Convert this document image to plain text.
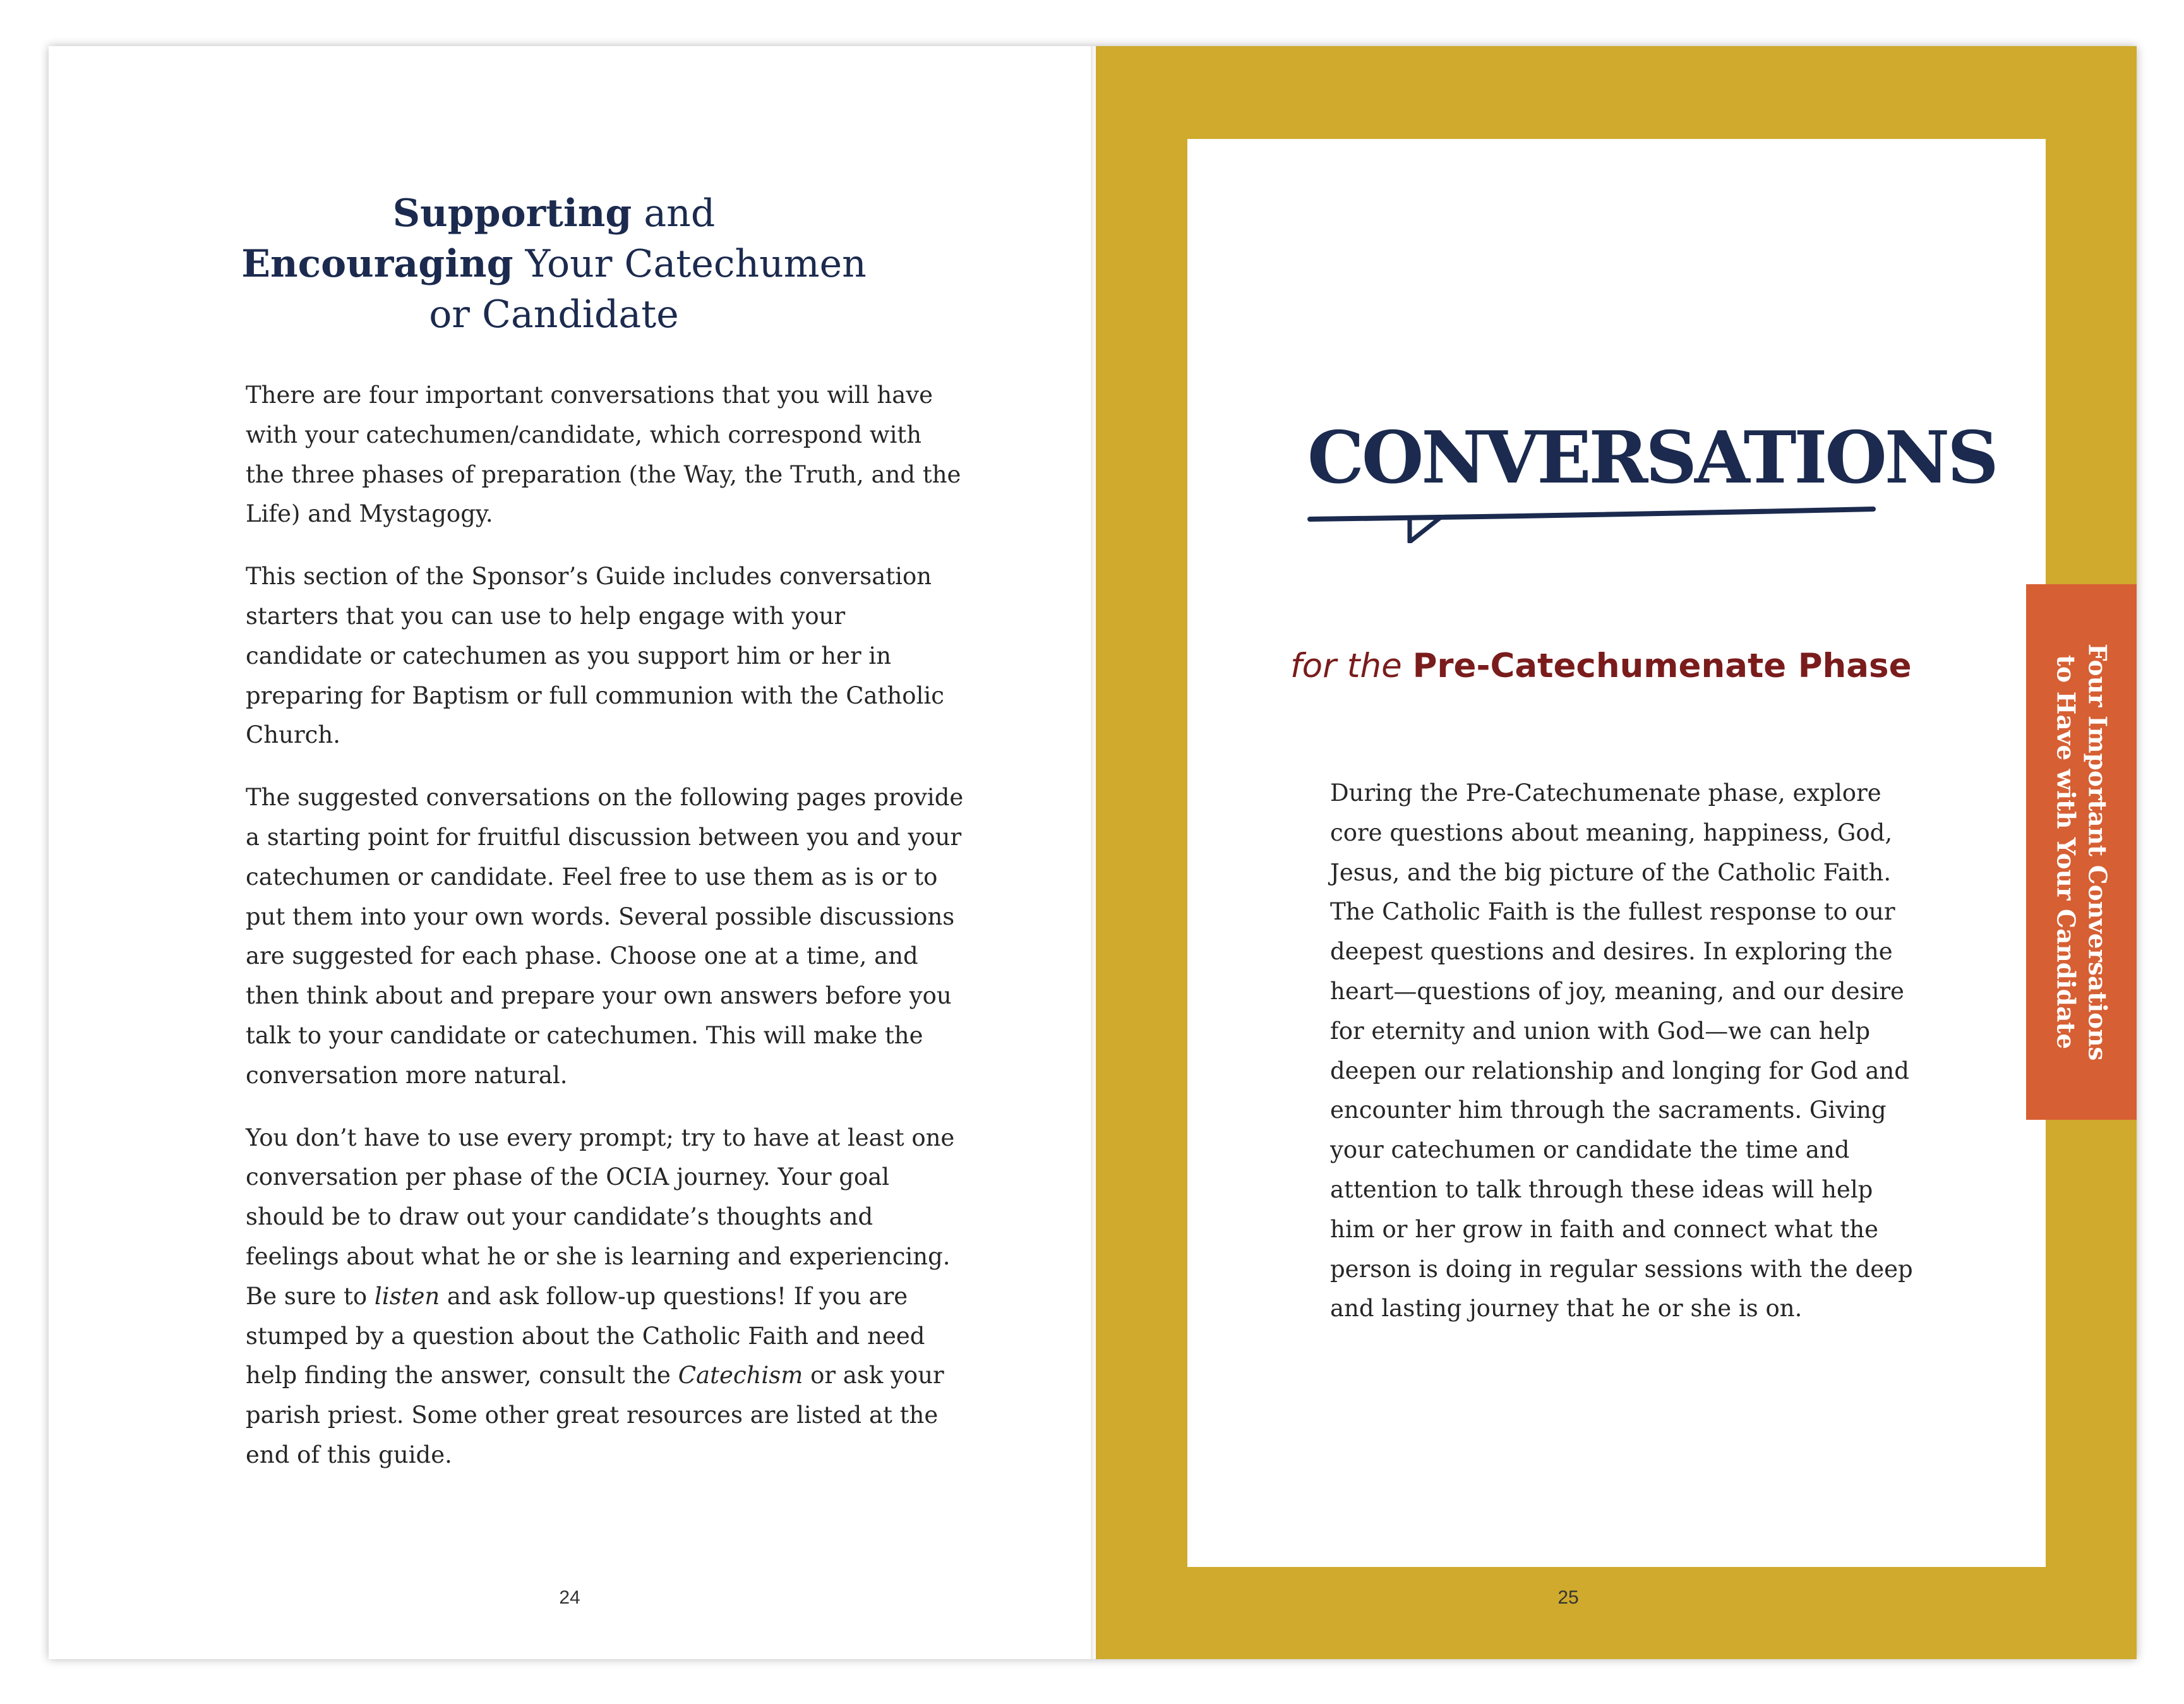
Supporting and
Encouraging Your Catechumen
or Candidate

There are four important conversations that you will have with your catechumen/candidate, which correspond with the three phases of preparation (the Way, the Truth, and the Life) and Mystagogy.

This section of the Sponsor’s Guide includes conversation starters that you can use to help engage with your candidate or catechumen as you support him or her in preparing for Baptism or full communion with the Catholic Church.

The suggested conversations on the following pages provide a starting point for fruitful discussion between you and your catechumen or candidate. Feel free to use them as is or to put them into your own words. Several possible discussions are suggested for each phase. Choose one at a time, and then think about and prepare your own answers before you talk to your candidate or catechumen. This will make the conversation more natural.

You don’t have to use every prompt; try to have at least one conversation per phase of the OCIA journey. Your goal should be to draw out your candidate’s thoughts and feelings about what he or she is learning and experiencing. Be sure to listen and ask follow-up questions! If you are stumped by a question about the Catholic Faith and need help finding the answer, consult the Catechism or ask your parish priest. Some other great resources are listed at the end of this guide.

24
CONVERSATIONS
for the Pre-Catechumenate Phase

During the Pre-Catechumenate phase, explore core questions about meaning, happiness, God, Jesus, and the big picture of the Catholic Faith. The Catholic Faith is the fullest response to our deepest questions and desires. In exploring the heart—questions of joy, meaning, and our desire for eternity and union with God—we can help deepen our relationship and longing for God and encounter him through the sacraments. Giving your catechumen or candidate the time and attention to talk through these ideas will help him or her grow in faith and connect what the person is doing in regular sessions with the deep and lasting journey that he or she is on.

25
Four Important Conversations
to Have with Your Candidate
